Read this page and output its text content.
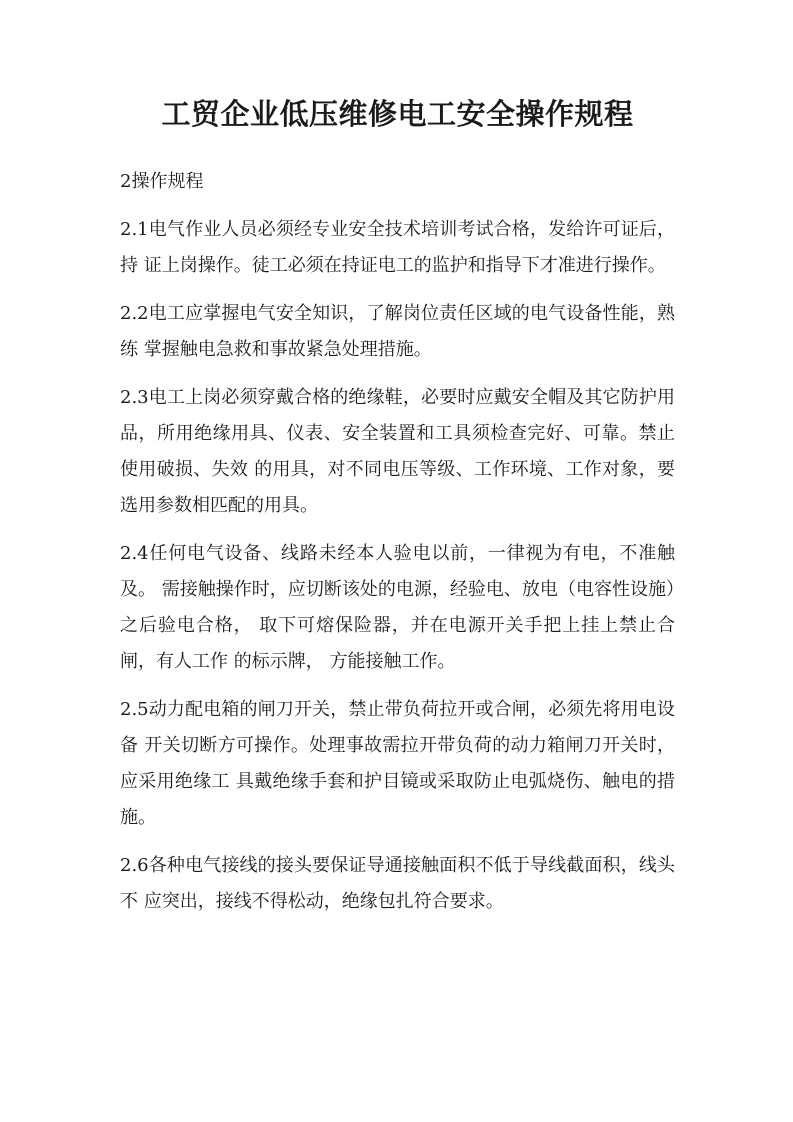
工贸企业低压维修电工安全操作规程

2操作规程

2.1电气作业人员必须经专业安全技术培训考试合格，发给许可证后，持 证上岗操作。徒工必须在持证电工的监护和指导下才准进行操作。

2.2电工应掌握电气安全知识，了解岗位责任区域的电气设备性能，熟练 掌握触电急救和事故紧急处理措施。

2.3电工上岗必须穿戴合格的绝缘鞋，必要时应戴安全帽及其它防护用品，所用绝缘用具、仪表、安全装置和工具须检查完好、可靠。禁止使用破损、失效 的用具，对不同电压等级、工作环境、工作对象，要选用参数相匹配的用具。

2.4任何电气设备、线路未经本人验电以前，一律视为有电，不准触及。 需接触操作时，应切断该处的电源，经验电、放电（电容性设施）之后验电合格， 取下可熔保险器，并在电源开关手把上挂上禁止合闸，有人工作 的标示牌， 方能接触工作。

2.5动力配电箱的闸刀开关，禁止带负荷拉开或合闸，必须先将用电设备 开关切断方可操作。处理事故需拉开带负荷的动力箱闸刀开关时，应采用绝缘工 具戴绝缘手套和护目镜或采取防止电弧烧伤、触电的措施。

2.6各种电气接线的接头要保证导通接触面积不低于导线截面积，线头不 应突出，接线不得松动，绝缘包扎符合要求。
